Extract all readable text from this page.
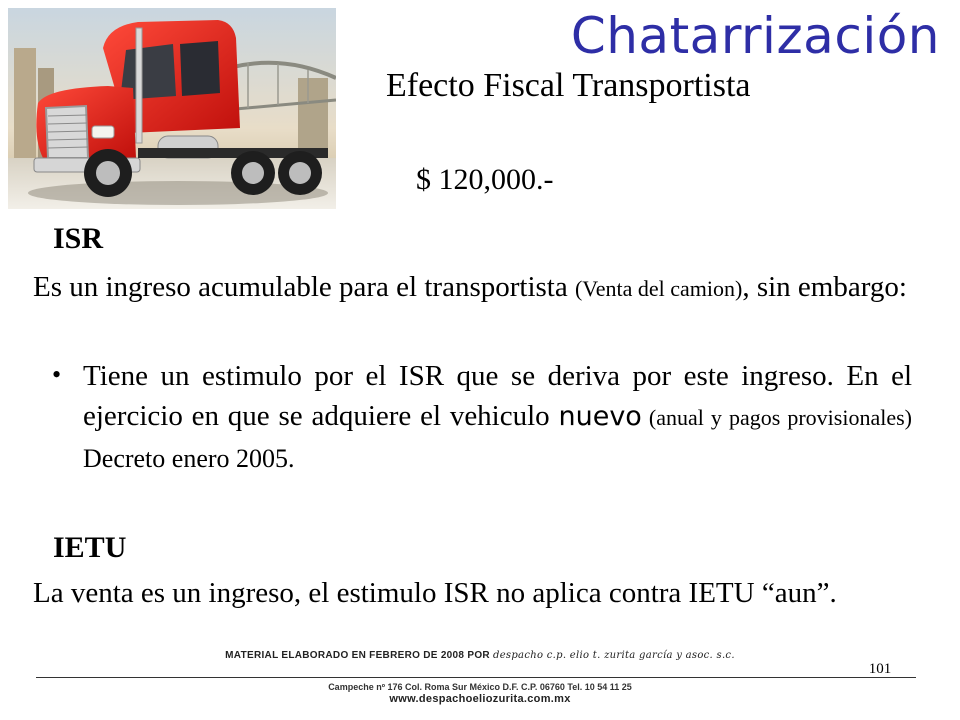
Chatarrización
Efecto Fiscal Transportista
$ 120,000.-
ISR
Es un ingreso acumulable para el transportista (Venta del camion), sin embargo:
• Tiene un estimulo por el ISR que se deriva por este ingreso. En el ejercicio en que se adquiere el vehiculo nuevo (anual y pagos provisionales) Decreto enero 2005.
IETU
La venta es un ingreso, el estimulo ISR no aplica contra IETU “aun”.
MATERIAL ELABORADO EN FEBRERO DE 2008 POR despacho c.p. elio t. zurita garcía y asoc. s.c.
101
Campeche nº 176 Col. Roma Sur México D.F. C.P. 06760 Tel. 10 54 11 25
www.despachoeliozurita.com.mx
